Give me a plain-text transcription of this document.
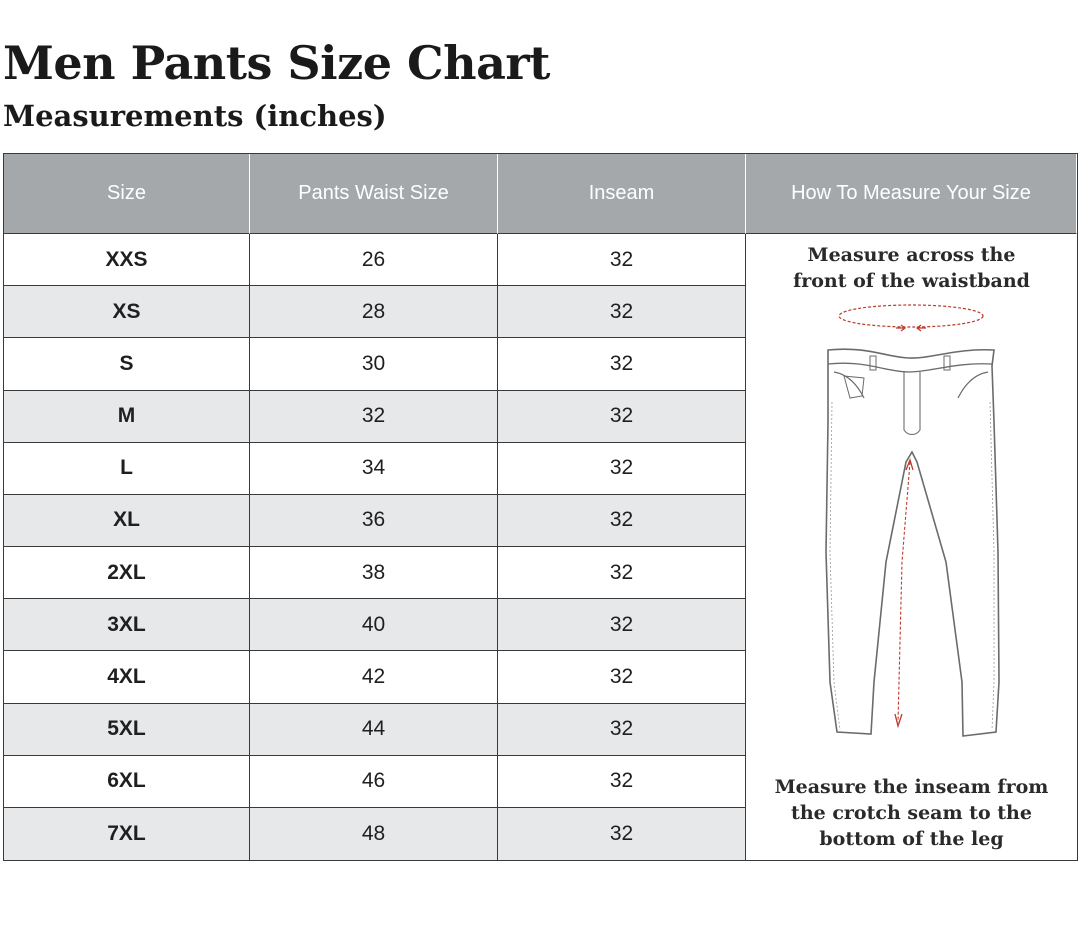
Men Pants Size Chart
Measurements (inches)
Size	Pants Waist Size	Inseam	How To Measure Your Size
Measure across the
front of the waistband
Measure the inseam from
the crotch seam to the
bottom of the leg
XXS	26	32
XS	28	32
S	30	32
M	32	32
L	34	32
XL	36	32
2XL	38	32
3XL	40	32
4XL	42	32
5XL	44	32
6XL	46	32
7XL	48	32
